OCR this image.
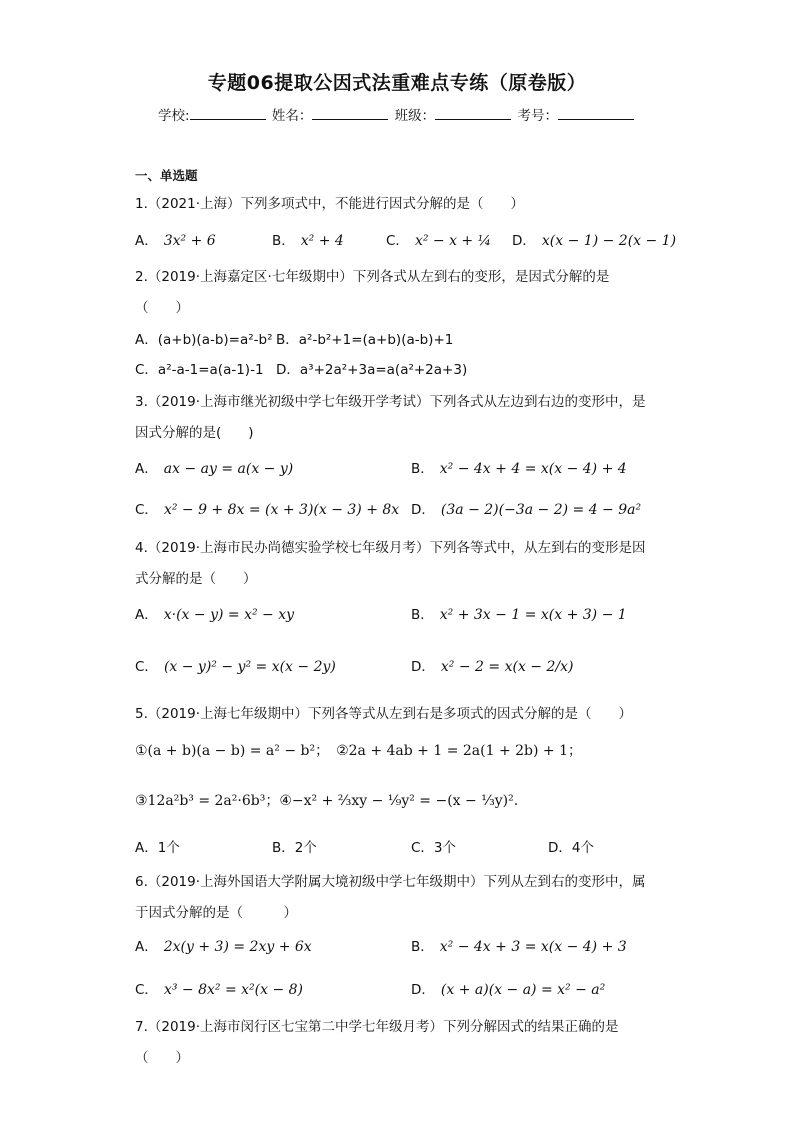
专题06提取公因式法重难点专练（原卷版）
学校:	姓名：	班级：	考号：
一、单选题
1.（2021·上海）下列多项式中，不能进行因式分解的是（　　）
A． 3x² + 6	B． x² + 4	C． x² − x + ¼ D． x(x − 1) − 2(x − 1)
2.（2019·上海嘉定区·七年级期中）下列各式从左到右的变形，是因式分解的是
（　　）
A．(a+b)(a-b)=a²-b² B．a²-b²+1=(a+b)(a-b)+1
C．a²-a-1=a(a-1)-1 D．a³+2a²+3a=a(a²+2a+3)
3.（2019·上海市继光初级中学七年级开学考试）下列各式从左边到右边的变形中，是
因式分解的是(　　)
A． ax − ay = a(x − y)	B． x² − 4x + 4 = x(x − 4) + 4
C． x² − 9 + 8x = (x + 3)(x − 3) + 8x D． (3a − 2)(−3a − 2) = 4 − 9a²
4.（2019·上海市民办尚德实验学校七年级月考）下列各等式中，从左到右的变形是因
式分解的是（　　）
A． x·(x − y) = x² − xy	B． x² + 3x − 1 = x(x + 3) − 1
C． (x − y)² − y² = x(x − 2y)	D． x² − 2 = x(x − 2/x)
5.（2019·上海七年级期中）下列各等式从左到右是多项式的因式分解的是（　　）
①(a + b)(a − b) = a² − b²；　②2a + 4ab + 1 = 2a(1 + 2b) + 1；
③12a²b³ = 2a²·6b³；④−x² + ⅔xy − ⅑y² = −(x − ⅓y)².
A．1个	B．2个	C．3个	D．4个
6.（2019·上海外国语大学附属大境初级中学七年级期中）下列从左到右的变形中，属
于因式分解的是（　　　）
A． 2x(y + 3) = 2xy + 6x	B． x² − 4x + 3 = x(x − 4) + 3
C． x³ − 8x² = x²(x − 8)	D． (x + a)(x − a) = x² − a²
7.（2019·上海市闵行区七宝第二中学七年级月考）下列分解因式的结果正确的是
（　　）
